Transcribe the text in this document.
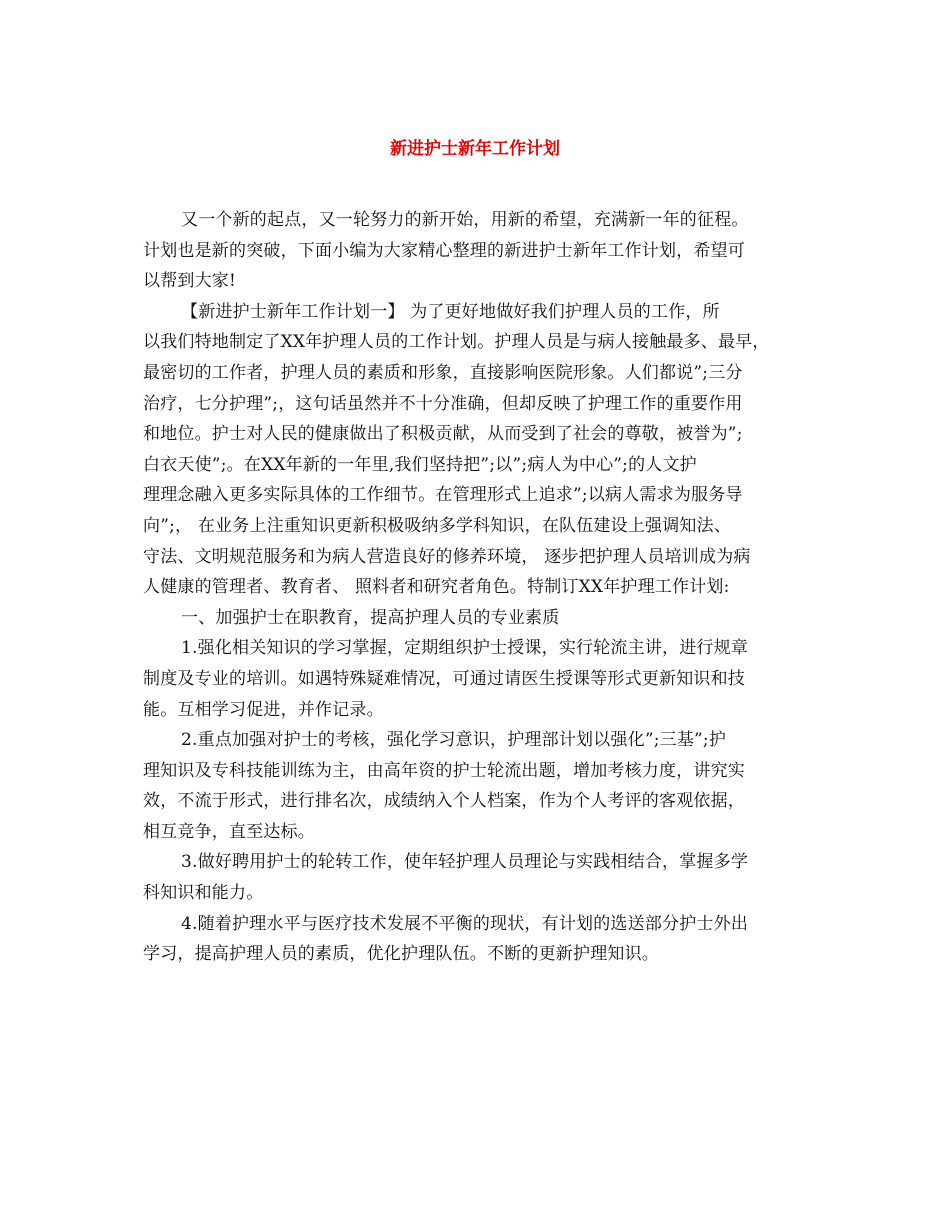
新进护士新年工作计划
又一个新的起点，又一轮努力的新开始，用新的希望，充满新一年的征程。
计划也是新的突破，下面小编为大家精心整理的新进护士新年工作计划，希望可
以帮到大家!
【新进护士新年工作计划一】 为了更好地做好我们护理人员的工作，所
以我们特地制定了XX年护理人员的工作计划。护理人员是与病人接触最多、最早，
最密切的工作者，护理人员的素质和形象，直接影响医院形象。人们都说”;三分
治疗，七分护理”;，这句话虽然并不十分准确，但却反映了护理工作的重要作用
和地位。护士对人民的健康做出了积极贡献，从而受到了社会的尊敬，被誉为”;
白衣天使”;。在XX年新的一年里,我们坚持把”;以”;病人为中心”;的人文护
理理念融入更多实际具体的工作细节。在管理形式上追求”;以病人需求为服务导
向”;， 在业务上注重知识更新积极吸纳多学科知识，在队伍建设上强调知法、
守法、文明规范服务和为病人营造良好的修养环境， 逐步把护理人员培训成为病
人健康的管理者、教育者、 照料者和研究者角色。特制订XX年护理工作计划:
一、加强护士在职教育，提高护理人员的专业素质
1.强化相关知识的学习掌握，定期组织护士授课，实行轮流主讲，进行规章
制度及专业的培训。如遇特殊疑难情况，可通过请医生授课等形式更新知识和技
能。互相学习促进，并作记录。
2.重点加强对护士的考核，强化学习意识，护理部计划以强化”;三基”;护
理知识及专科技能训练为主，由高年资的护士轮流出题，增加考核力度，讲究实
效，不流于形式，进行排名次，成绩纳入个人档案，作为个人考评的客观依据，
相互竞争，直至达标。
3.做好聘用护士的轮转工作，使年轻护理人员理论与实践相结合，掌握多学
科知识和能力。
4.随着护理水平与医疗技术发展不平衡的现状，有计划的选送部分护士外出
学习，提高护理人员的素质，优化护理队伍。不断的更新护理知识。
